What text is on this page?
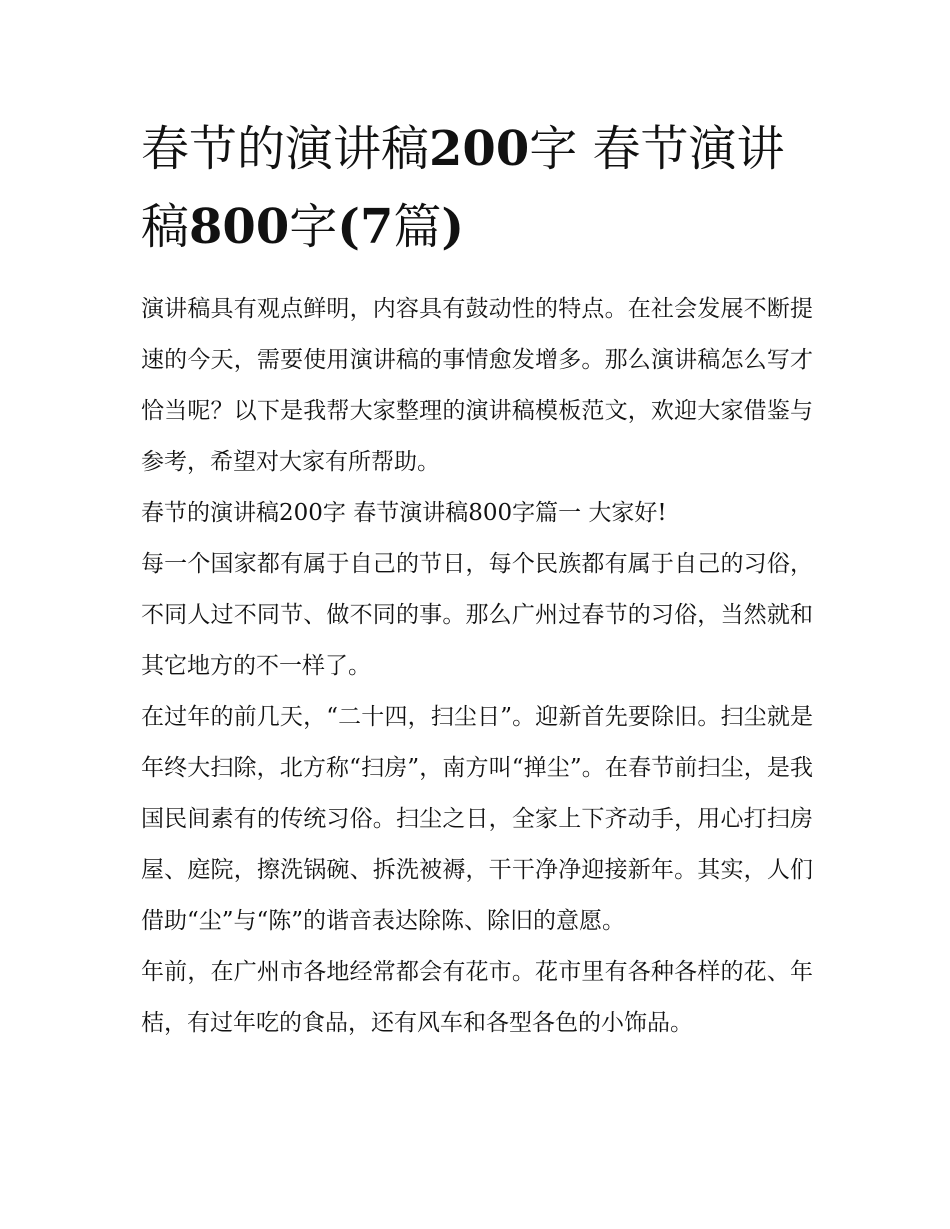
春节的演讲稿200字 春节演讲稿800字(7篇)

演讲稿具有观点鲜明，内容具有鼓动性的特点。在社会发展不断提速的今天，需要使用演讲稿的事情愈发增多。那么演讲稿怎么写才恰当呢？以下是我帮大家整理的演讲稿模板范文，欢迎大家借鉴与参考，希望对大家有所帮助。

春节的演讲稿200字 春节演讲稿800字篇一 大家好!

每一个国家都有属于自己的节日，每个民族都有属于自己的习俗，不同人过不同节、做不同的事。那么广州过春节的习俗，当然就和其它地方的不一样了。

在过年的前几天，“二十四，扫尘日”。迎新首先要除旧。扫尘就是年终大扫除，北方称“扫房”，南方叫“掸尘”。在春节前扫尘，是我国民间素有的传统习俗。扫尘之日，全家上下齐动手，用心打扫房屋、庭院，擦洗锅碗、拆洗被褥，干干净净迎接新年。其实，人们借助“尘”与“陈”的谐音表达除陈、除旧的意愿。

年前，在广州市各地经常都会有花市。花市里有各种各样的花、年桔，有过年吃的食品，还有风车和各型各色的小饰品。
